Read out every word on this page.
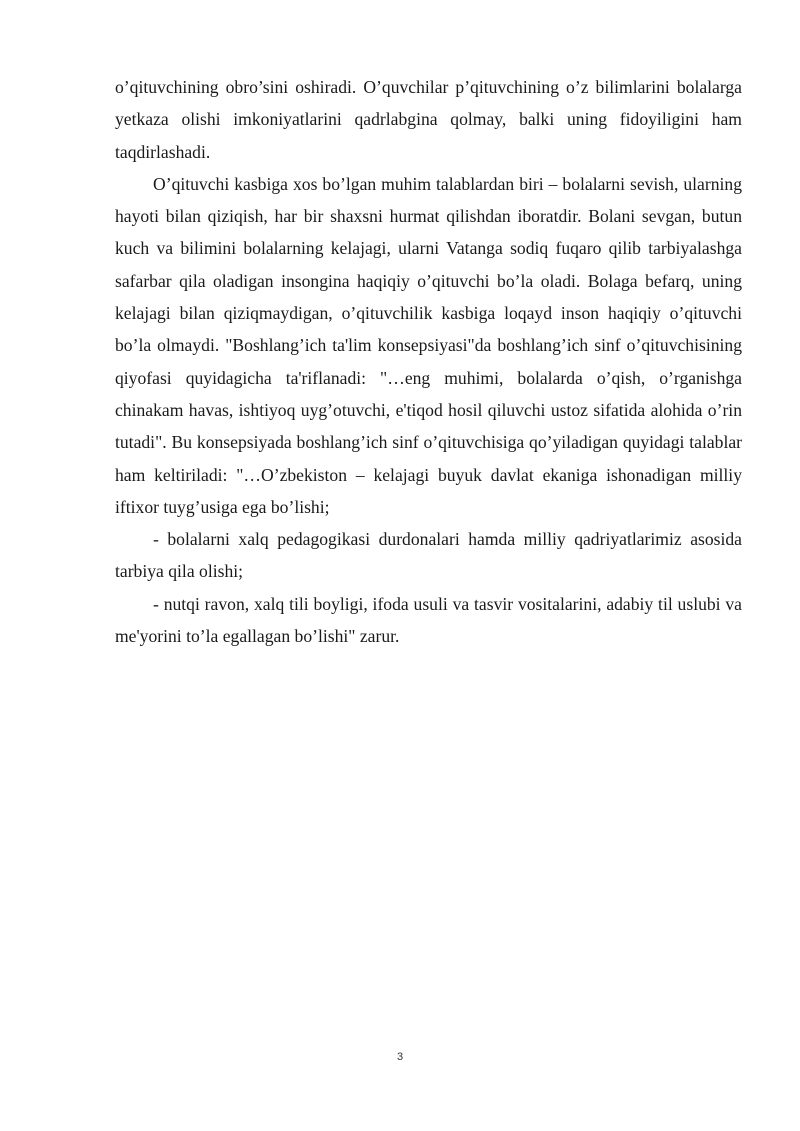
o’qituvchining obro’sini oshiradi. O’quvchilar p’qituvchining o’z bilimlarini bolalarga yetkaza olishi imkoniyatlarini qadrlabgina qolmay, balki uning fidoyiligini ham taqdirlashadi.

O’qituvchi kasbiga xos bo’lgan muhim talablardan biri – bolalarni sevish, ularning hayoti bilan qiziqish, har bir shaxsni hurmat qilishdan iboratdir. Bolani sevgan, butun kuch va bilimini bolalarning kelajagi, ularni Vatanga sodiq fuqaro qilib tarbiyalashga safarbar qila oladigan insongina haqiqiy o’qituvchi bo’la oladi. Bolaga befarq, uning kelajagi bilan qiziqmaydigan, o’qituvchilik kasbiga loqayd inson haqiqiy o’qituvchi bo’la olmaydi. "Boshlang’ich ta'lim konsepsiyasi"da boshlang’ich sinf o’qituvchisining qiyofasi quyidagicha ta'riflanadi: "…eng muhimi, bolalarda o’qish, o’rganishga chinakam havas, ishtiyoq uyg’otuvchi, e'tiqod hosil qiluvchi ustoz sifatida alohida o’rin tutadi". Bu konsepsiyada boshlang’ich sinf o’qituvchisiga qo’yiladigan quyidagi talablar ham keltiriladi: "…O’zbekiston – kelajagi buyuk davlat ekaniga ishonadigan milliy iftixor tuyg’usiga ega bo’lishi;

- bolalarni xalq pedagogikasi durdonalari hamda milliy qadriyatlarimiz asosida tarbiya qila olishi;

- nutqi ravon, xalq tili boyligi, ifoda usuli va tasvir vositalarini, adabiy til uslubi va me'yorini to’la egallagan bo’lishi" zarur.

3
